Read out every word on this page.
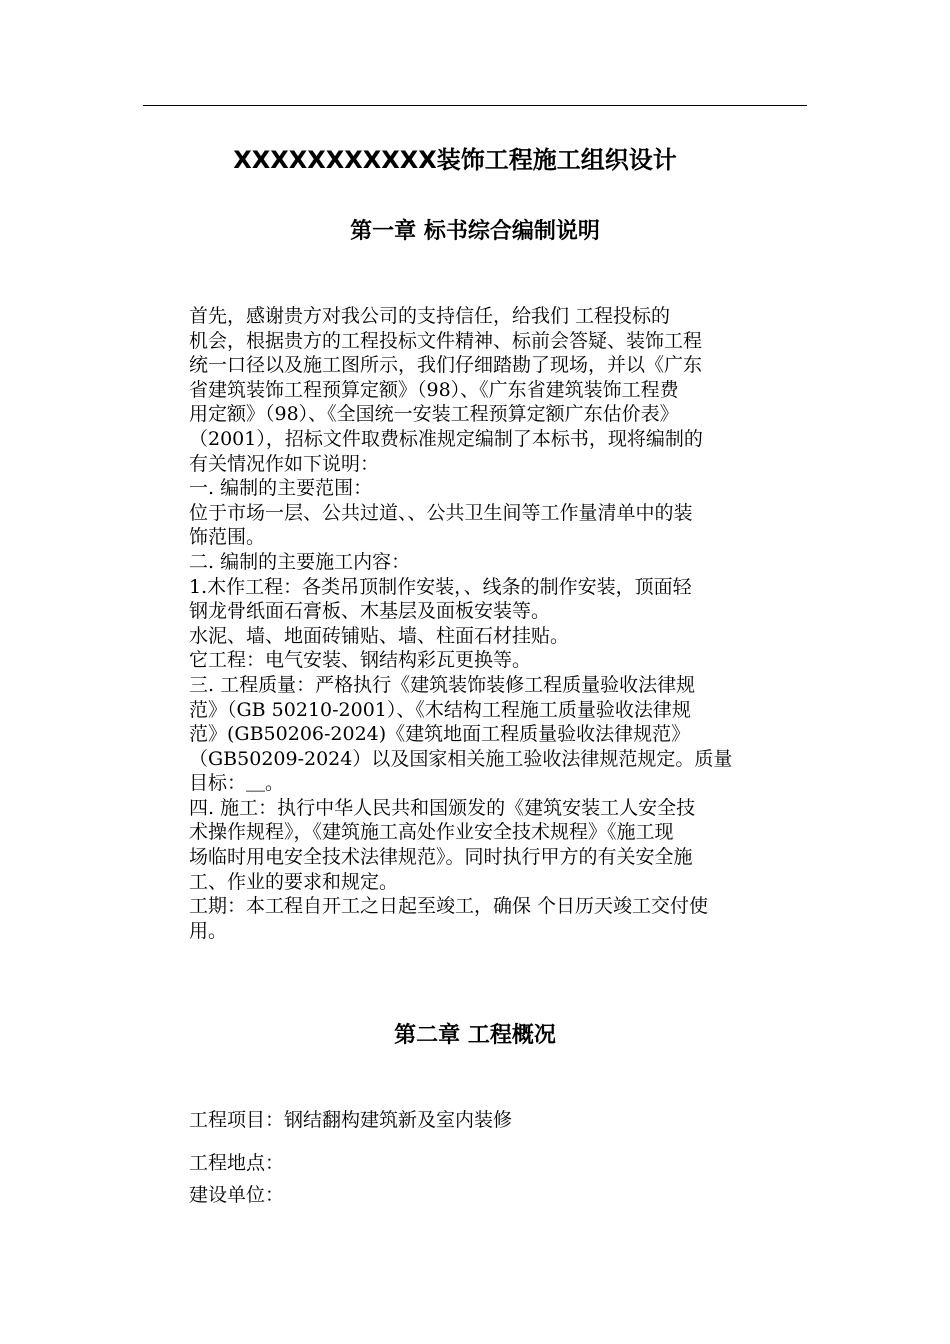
XXXXXXXXXXX装饰工程施工组织设计
第一章 标书综合编制说明

首先，感谢贵方对我公司的支持信任，给我们 工程投标的

机会，根据贵方的工程投标文件精神、标前会答疑、装饰工程

统一口径以及施工图所示，我们仔细踏勘了现场，并以《广东

省建筑装饰工程预算定额》（98）、《广东省建筑装饰工程费

用定额》（98）、《全国统一安装工程预算定额广东估价表》

（2001），招标文件取费标准规定编制了本标书，现将编制的

有关情况作如下说明：

一. 编制的主要范围：

位于市场一层、公共过道、、公共卫生间等工作量清单中的装

饰范围。

二. 编制的主要施工内容：

1.木作工程：各类吊顶制作安装，、线条的制作安装，顶面轻

钢龙骨纸面石膏板、木基层及面板安装等。

水泥、墙、地面砖铺贴、墙、柱面石材挂贴。

它工程：电气安装、钢结构彩瓦更换等。

三. 工程质量：严格执行《建筑装饰装修工程质量验收法律规

范》（GB 50210-2001）、《木结构工程施工质量验收法律规

范》(GB50206-2024)《建筑地面工程质量验收法律规范》

（GB50209-2024）以及国家相关施工验收法律规范规定。质量

目标：＿。

四. 施工：执行中华人民共和国颁发的《建筑安装工人安全技

术操作规程》，《建筑施工高处作业安全技术规程》《施工现

场临时用电安全技术法律规范》。同时执行甲方的有关安全施

工、作业的要求和规定。

工期：本工程自开工之日起至竣工，确保 个日历天竣工交付使

用。

第二章 工程概况

工程项目：钢结翻构建筑新及室内装修

工程地点：

建设单位：
